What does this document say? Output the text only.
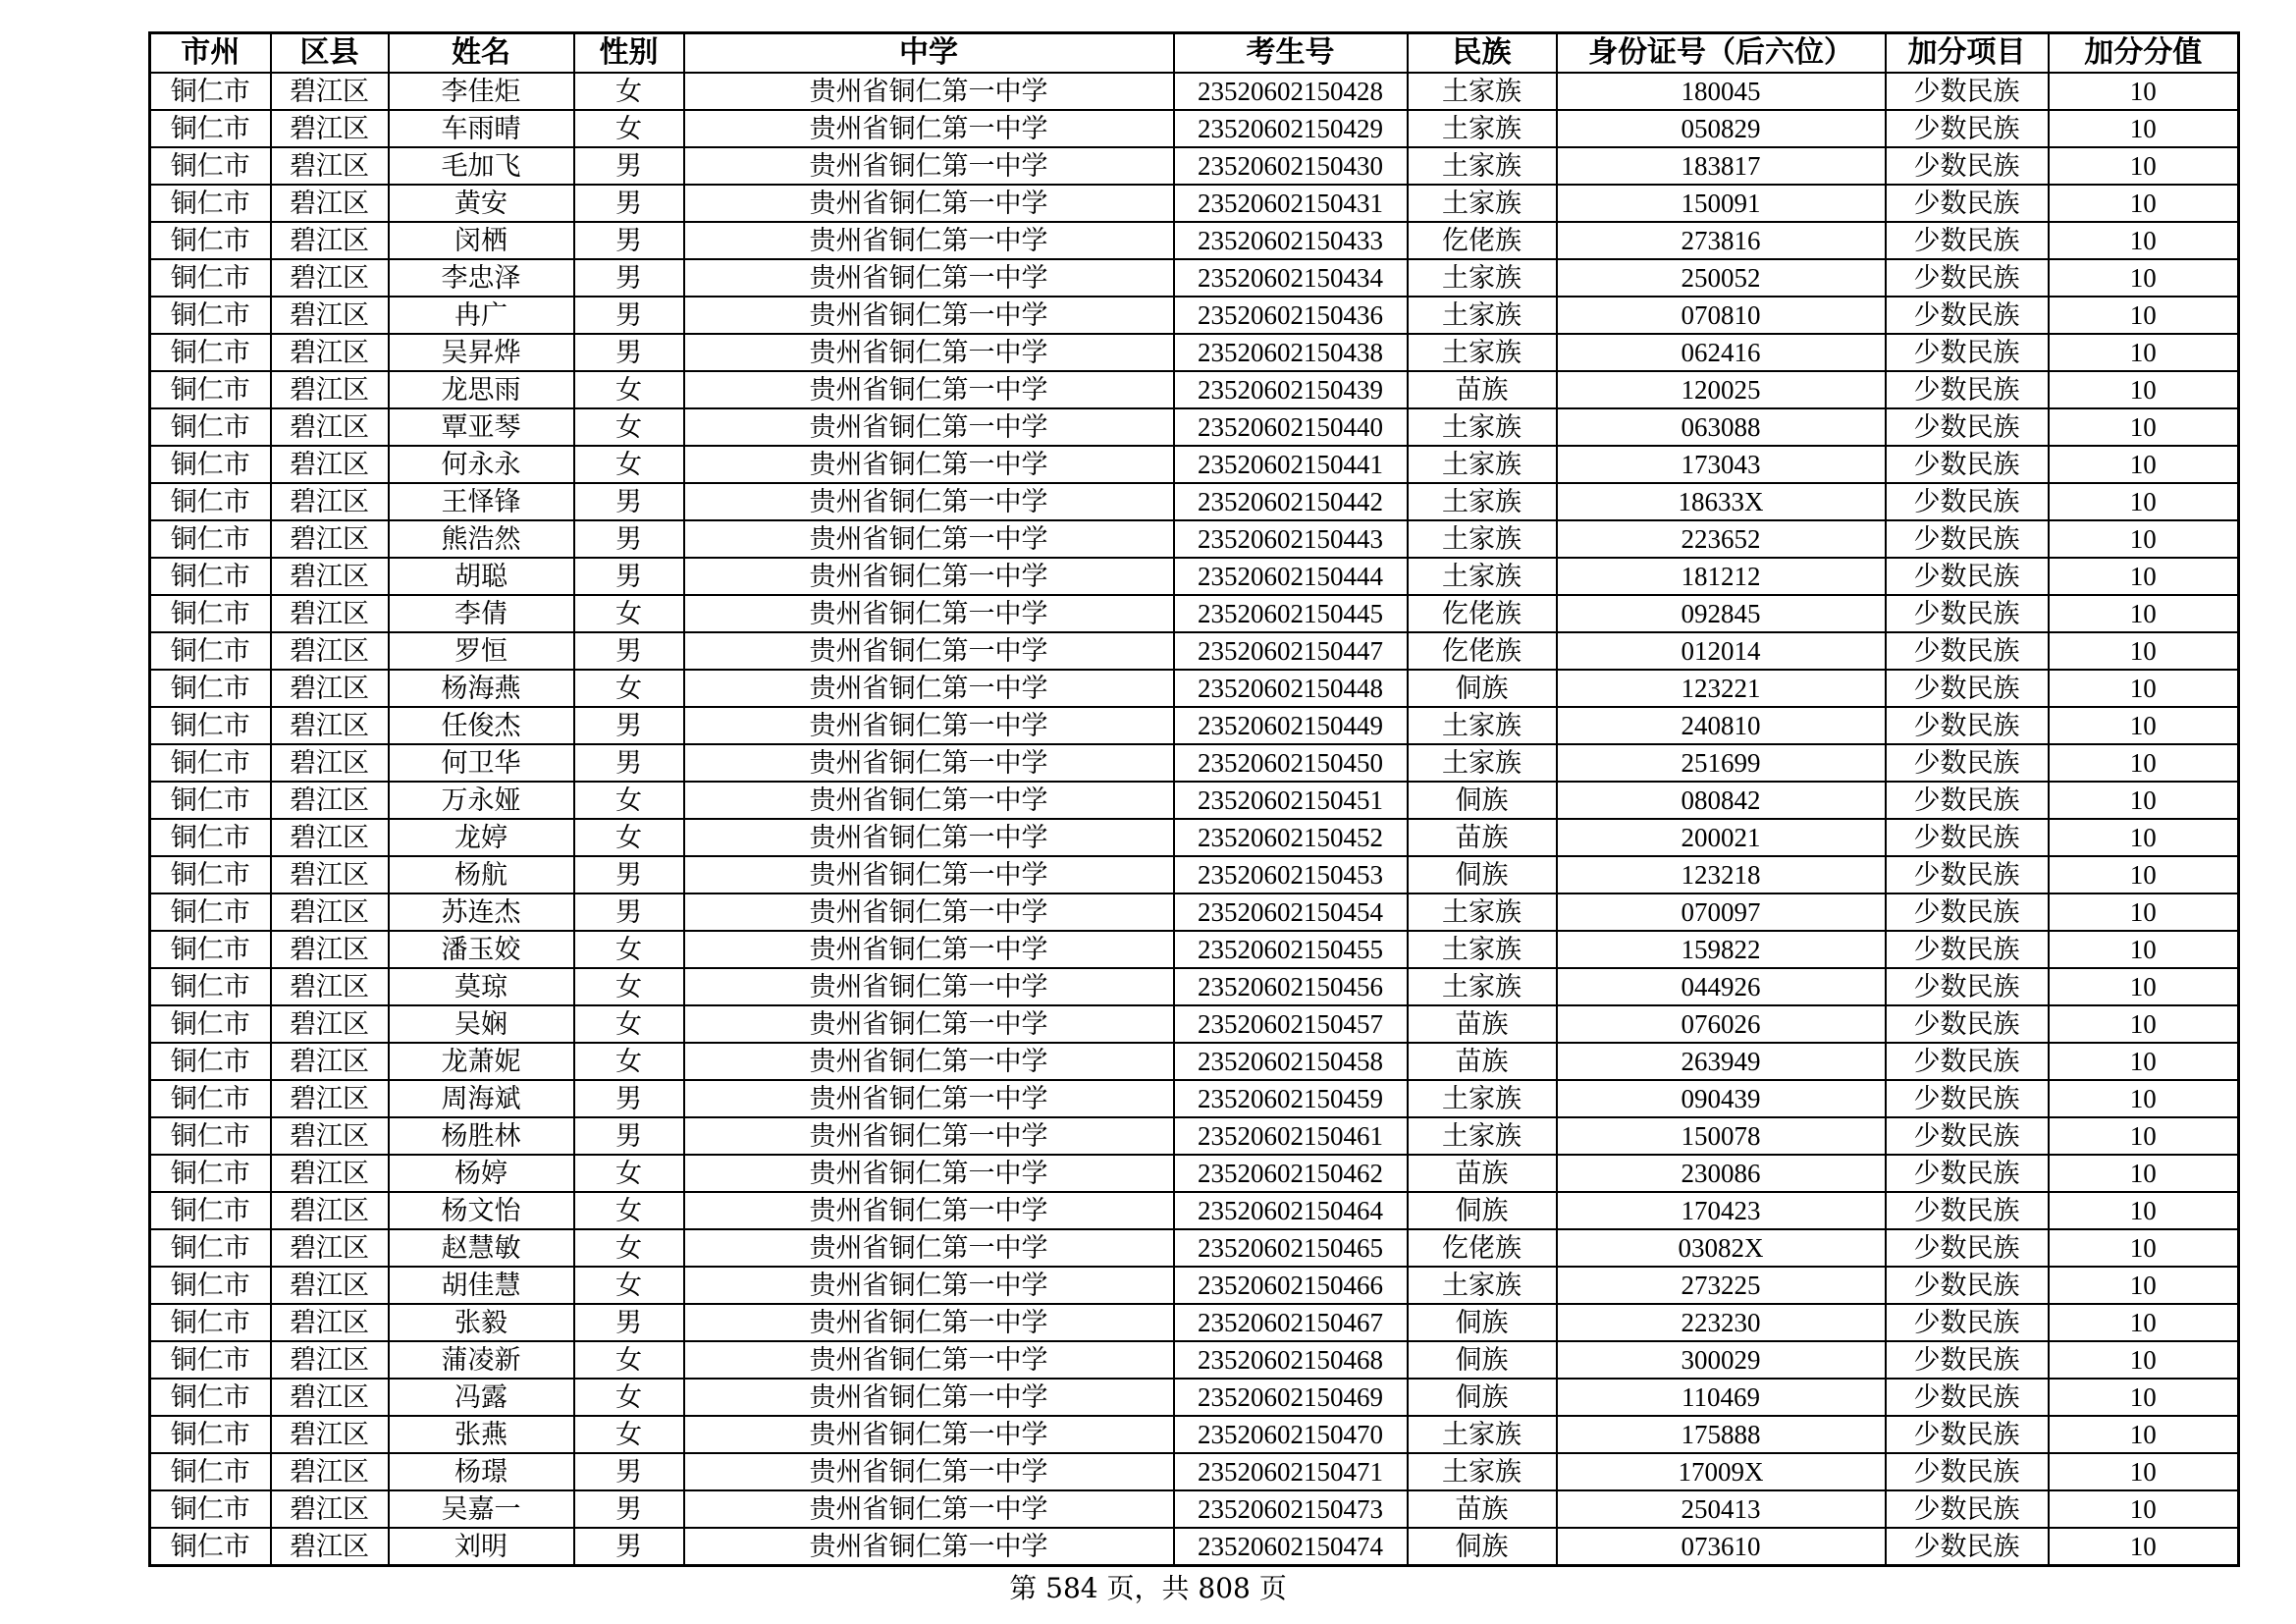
市州	区县	姓名	性别	中学	考生号	民族	身份证号（后六位）	加分项目	加分分值
铜仁市	碧江区	李佳炬	女	贵州省铜仁第一中学	23520602150428	土家族	180045	少数民族	10
铜仁市	碧江区	车雨晴	女	贵州省铜仁第一中学	23520602150429	土家族	050829	少数民族	10
铜仁市	碧江区	毛加飞	男	贵州省铜仁第一中学	23520602150430	土家族	183817	少数民族	10
铜仁市	碧江区	黄安	男	贵州省铜仁第一中学	23520602150431	土家族	150091	少数民族	10
铜仁市	碧江区	闵栖	男	贵州省铜仁第一中学	23520602150433	仡佬族	273816	少数民族	10
铜仁市	碧江区	李忠泽	男	贵州省铜仁第一中学	23520602150434	土家族	250052	少数民族	10
铜仁市	碧江区	冉广	男	贵州省铜仁第一中学	23520602150436	土家族	070810	少数民族	10
铜仁市	碧江区	吴昇烨	男	贵州省铜仁第一中学	23520602150438	土家族	062416	少数民族	10
铜仁市	碧江区	龙思雨	女	贵州省铜仁第一中学	23520602150439	苗族	120025	少数民族	10
铜仁市	碧江区	覃亚琴	女	贵州省铜仁第一中学	23520602150440	土家族	063088	少数民族	10
铜仁市	碧江区	何永永	女	贵州省铜仁第一中学	23520602150441	土家族	173043	少数民族	10
铜仁市	碧江区	王怿锋	男	贵州省铜仁第一中学	23520602150442	土家族	18633X	少数民族	10
铜仁市	碧江区	熊浩然	男	贵州省铜仁第一中学	23520602150443	土家族	223652	少数民族	10
铜仁市	碧江区	胡聪	男	贵州省铜仁第一中学	23520602150444	土家族	181212	少数民族	10
铜仁市	碧江区	李倩	女	贵州省铜仁第一中学	23520602150445	仡佬族	092845	少数民族	10
铜仁市	碧江区	罗恒	男	贵州省铜仁第一中学	23520602150447	仡佬族	012014	少数民族	10
铜仁市	碧江区	杨海燕	女	贵州省铜仁第一中学	23520602150448	侗族	123221	少数民族	10
铜仁市	碧江区	任俊杰	男	贵州省铜仁第一中学	23520602150449	土家族	240810	少数民族	10
铜仁市	碧江区	何卫华	男	贵州省铜仁第一中学	23520602150450	土家族	251699	少数民族	10
铜仁市	碧江区	万永娅	女	贵州省铜仁第一中学	23520602150451	侗族	080842	少数民族	10
铜仁市	碧江区	龙婷	女	贵州省铜仁第一中学	23520602150452	苗族	200021	少数民族	10
铜仁市	碧江区	杨航	男	贵州省铜仁第一中学	23520602150453	侗族	123218	少数民族	10
铜仁市	碧江区	苏连杰	男	贵州省铜仁第一中学	23520602150454	土家族	070097	少数民族	10
铜仁市	碧江区	潘玉姣	女	贵州省铜仁第一中学	23520602150455	土家族	159822	少数民族	10
铜仁市	碧江区	莫琼	女	贵州省铜仁第一中学	23520602150456	土家族	044926	少数民族	10
铜仁市	碧江区	吴娴	女	贵州省铜仁第一中学	23520602150457	苗族	076026	少数民族	10
铜仁市	碧江区	龙萧妮	女	贵州省铜仁第一中学	23520602150458	苗族	263949	少数民族	10
铜仁市	碧江区	周海斌	男	贵州省铜仁第一中学	23520602150459	土家族	090439	少数民族	10
铜仁市	碧江区	杨胜林	男	贵州省铜仁第一中学	23520602150461	土家族	150078	少数民族	10
铜仁市	碧江区	杨婷	女	贵州省铜仁第一中学	23520602150462	苗族	230086	少数民族	10
铜仁市	碧江区	杨文怡	女	贵州省铜仁第一中学	23520602150464	侗族	170423	少数民族	10
铜仁市	碧江区	赵慧敏	女	贵州省铜仁第一中学	23520602150465	仡佬族	03082X	少数民族	10
铜仁市	碧江区	胡佳慧	女	贵州省铜仁第一中学	23520602150466	土家族	273225	少数民族	10
铜仁市	碧江区	张毅	男	贵州省铜仁第一中学	23520602150467	侗族	223230	少数民族	10
铜仁市	碧江区	蒲凌新	女	贵州省铜仁第一中学	23520602150468	侗族	300029	少数民族	10
铜仁市	碧江区	冯露	女	贵州省铜仁第一中学	23520602150469	侗族	110469	少数民族	10
铜仁市	碧江区	张燕	女	贵州省铜仁第一中学	23520602150470	土家族	175888	少数民族	10
铜仁市	碧江区	杨璟	男	贵州省铜仁第一中学	23520602150471	土家族	17009X	少数民族	10
铜仁市	碧江区	吴嘉一	男	贵州省铜仁第一中学	23520602150473	苗族	250413	少数民族	10
铜仁市	碧江区	刘明	男	贵州省铜仁第一中学	23520602150474	侗族	073610	少数民族	10
第 584 页，共 808 页
